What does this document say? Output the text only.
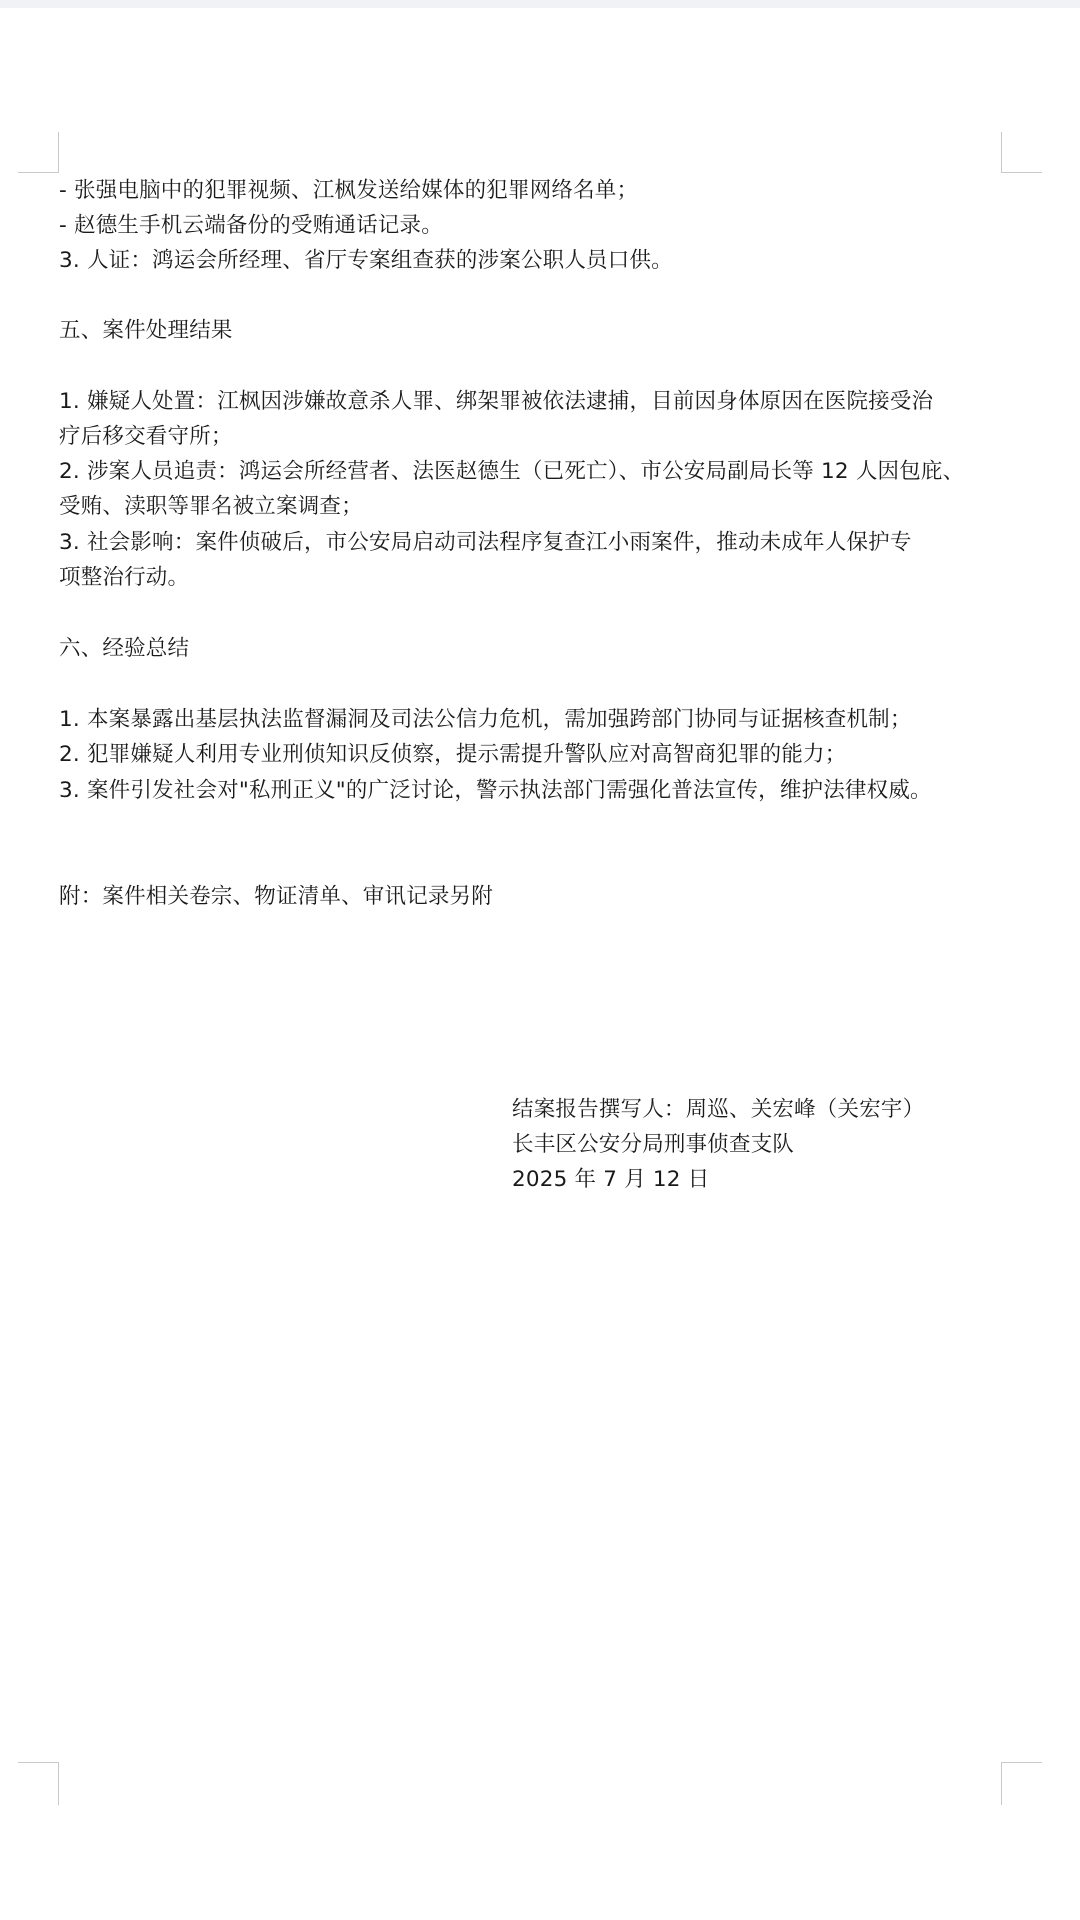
- 张强电脑中的犯罪视频、江枫发送给媒体的犯罪网络名单；
- 赵德生手机云端备份的受贿通话记录。
3. 人证：鸿运会所经理、省厅专案组查获的涉案公职人员口供。
五、案件处理结果
1. 嫌疑人处置：江枫因涉嫌故意杀人罪、绑架罪被依法逮捕，目前因身体原因在医院接受治
疗后移交看守所；
2. 涉案人员追责：鸿运会所经营者、法医赵德生（已死亡）、市公安局副局长等 12 人因包庇、
受贿、渎职等罪名被立案调查；
3. 社会影响：案件侦破后，市公安局启动司法程序复查江小雨案件，推动未成年人保护专
项整治行动。
六、经验总结
1. 本案暴露出基层执法监督漏洞及司法公信力危机，需加强跨部门协同与证据核查机制；
2. 犯罪嫌疑人利用专业刑侦知识反侦察，提示需提升警队应对高智商犯罪的能力；
3. 案件引发社会对"私刑正义"的广泛讨论，警示执法部门需强化普法宣传，维护法律权威。
附：案件相关卷宗、物证清单、审讯记录另附
结案报告撰写人：周巡、关宏峰（关宏宇）
长丰区公安分局刑事侦查支队
2025 年 7 月 12 日
